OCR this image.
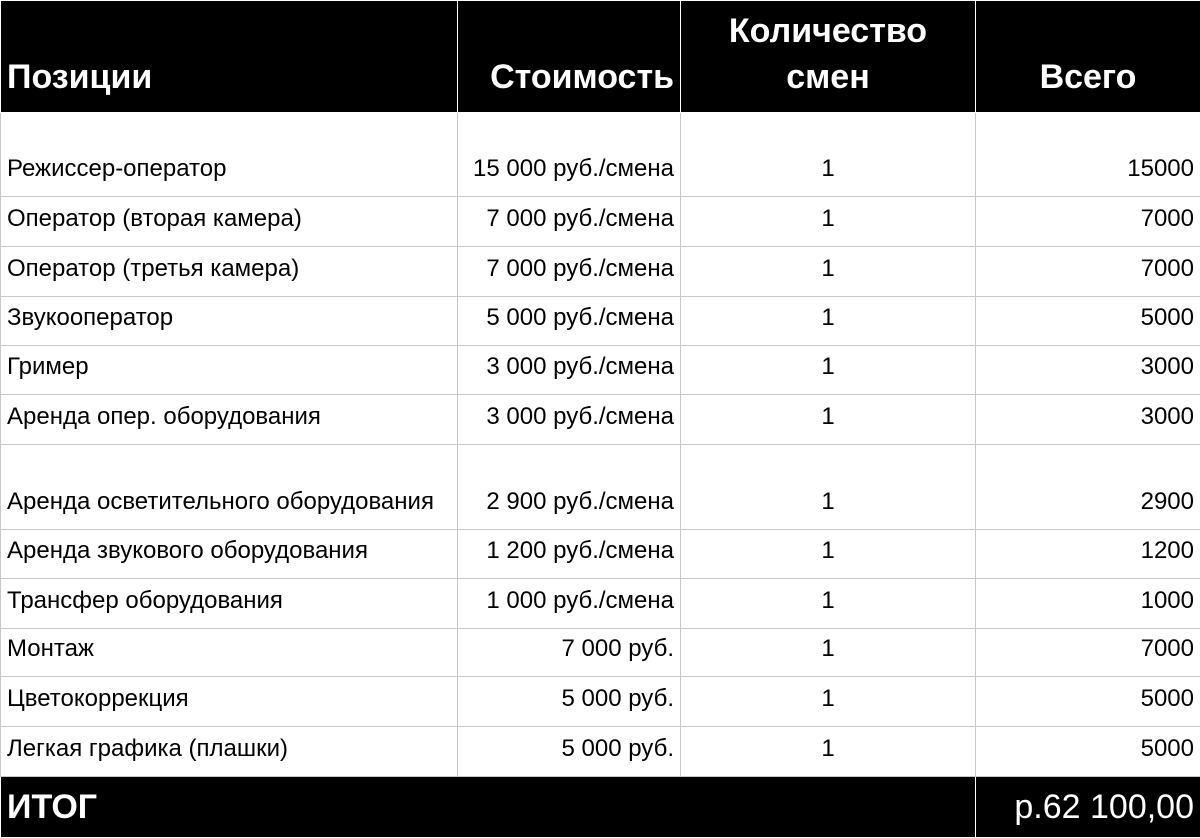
Позиции	Стоимость	Количество смен	Всего
Режиссер-оператор	15 000 руб./смена	1	15000
Оператор (вторая камера)	7 000 руб./смена	1	7000
Оператор (третья камера)	7 000 руб./смена	1	7000
Звукооператор	5 000 руб./смена	1	5000
Гример	3 000 руб./смена	1	3000
Аренда опер. оборудования	3 000 руб./смена	1	3000
Аренда осветительного оборудования	2 900 руб./смена	1	2900
Аренда звукового оборудования	1 200 руб./смена	1	1200
Трансфер оборудования	1 000 руб./смена	1	1000
Монтаж	7 000 руб.	1	7000
Цветокоррекция	5 000 руб.	1	5000
Легкая графика (плашки)	5 000 руб.	1	5000
ИТОГ			р.62 100,00
